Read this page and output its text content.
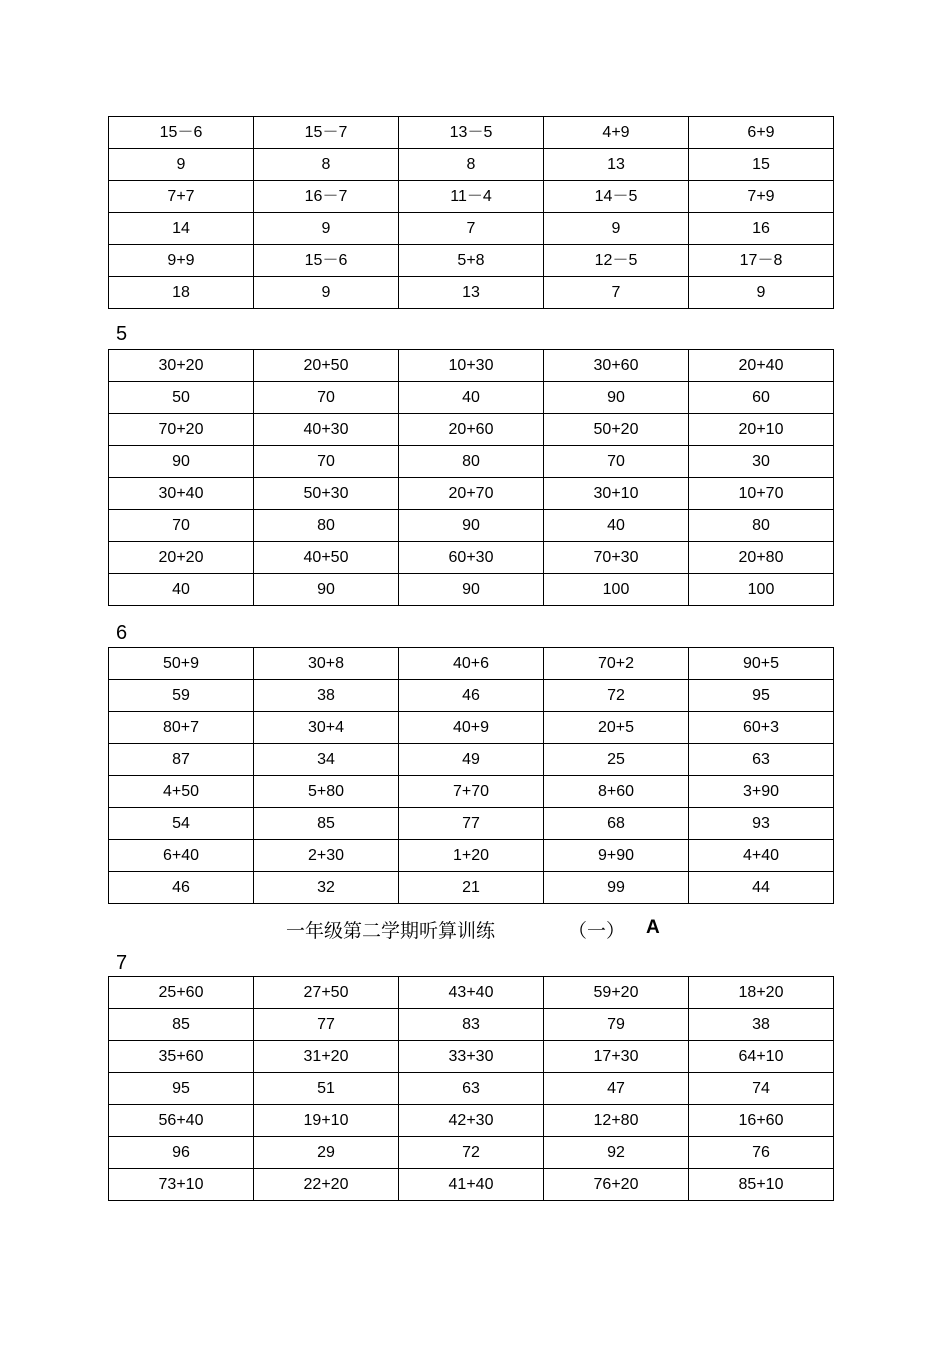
15－6	15－7	13－5	4+9	6+9
9	8	8	13	15
7+7	16－7	11－4	14－5	7+9
14	9	7	9	16
9+9	15－6	5+8	12－5	17－8
18	9	13	7	9
5
30+20	20+50	10+30	30+60	20+40
50	70	40	90	60
70+20	40+30	20+60	50+20	20+10
90	70	80	70	30
30+40	50+30	20+70	30+10	10+70
70	80	90	40	80
20+20	40+50	60+30	70+30	20+80
40	90	90	100	100
6
50+9	30+8	40+6	70+2	90+5
59	38	46	72	95
80+7	30+4	40+9	20+5	60+3
87	34	49	25	63
4+50	5+80	7+70	8+60	3+90
54	85	77	68	93
6+40	2+30	1+20	9+90	4+40
46	32	21	99	44
一年级第二学期听算训练	（一） A
7
25+60	27+50	43+40	59+20	18+20
85	77	83	79	38
35+60	31+20	33+30	17+30	64+10
95	51	63	47	74
56+40	19+10	42+30	12+80	16+60
96	29	72	92	76
73+10	22+20	41+40	76+20	85+10
